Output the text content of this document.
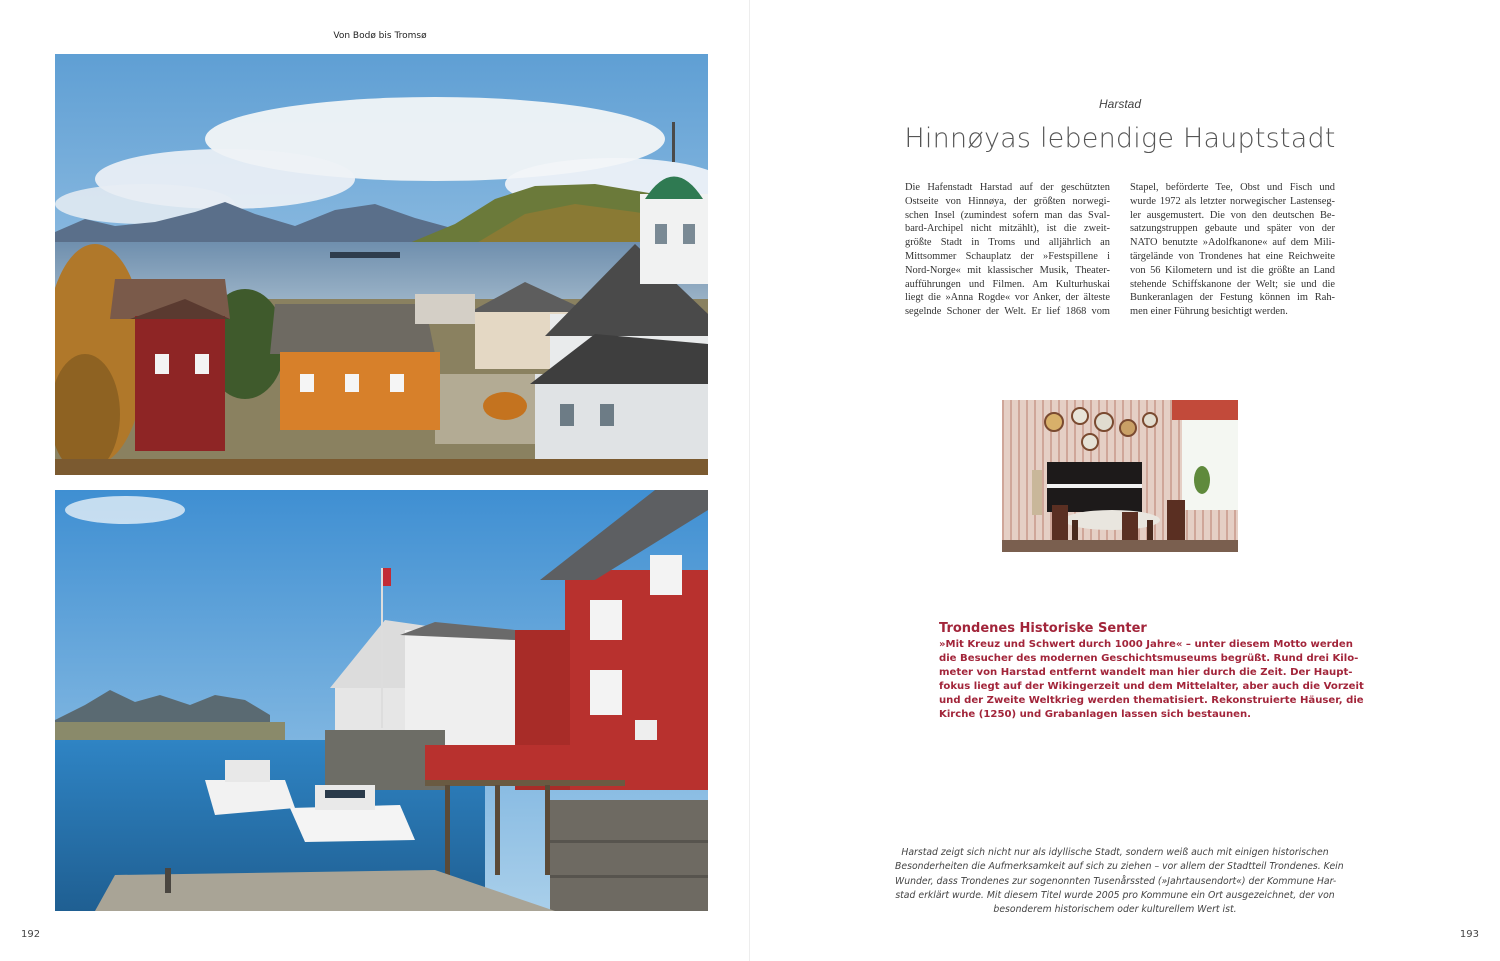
Von Bodø bis Tromsø
192
Harstad
Hinnøyas lebendige Hauptstadt
Die Hafenstadt Harstad auf der geschützten
Ostseite von Hinnøya, der größten norwegi-
schen Insel (zumindest sofern man das Sval-
bard-Archipel nicht mitzählt), ist die zweit-
größte Stadt in Troms und alljährlich an
Mittsommer Schauplatz der »Festspillene i
Nord-Norge« mit klassischer Musik, Theater-
aufführungen und Filmen. Am Kulturhuskai
liegt die »Anna Rogde« vor Anker, der älteste
segelnde Schoner der Welt. Er lief 1868 vom
Stapel, beförderte Tee, Obst und Fisch und
wurde 1972 als letzter norwegischer Lastenseg-
ler ausgemustert. Die von den deutschen Be-
satzungstruppen gebaute und später von der
NATO benutzte »Adolfkanone« auf dem Mili-
tärgelände von Trondenes hat eine Reichweite
von 56 Kilometern und ist die größte an Land
stehende Schiffskanone der Welt; sie und die
Bunkeranlagen der Festung können im Rah-
men einer Führung besichtigt werden.
Trondenes Historiske Senter
»Mit Kreuz und Schwert durch 1000 Jahre« – unter diesem Motto werden
die Besucher des modernen Geschichtsmuseums begrüßt. Rund drei Kilo-
meter von Harstad entfernt wandelt man hier durch die Zeit. Der Haupt-
fokus liegt auf der Wikingerzeit und dem Mittelalter, aber auch die Vorzeit
und der Zweite Weltkrieg werden thematisiert. Rekonstruierte Häuser, die
Kirche (1250) und Grabanlagen lassen sich bestaunen.
Harstad zeigt sich nicht nur als idyllische Stadt, sondern weiß auch mit einigen historischen
Besonderheiten die Aufmerksamkeit auf sich zu ziehen – vor allem der Stadtteil Trondenes. Kein
Wunder, dass Trondenes zur sogenonnten Tusenårssted (»Jahrtausendort«) der Kommune Har-
stad erklärt wurde. Mit diesem Titel wurde 2005 pro Kommune ein Ort ausgezeichnet, der von
besonderem historischem oder kulturellem Wert ist.
193
